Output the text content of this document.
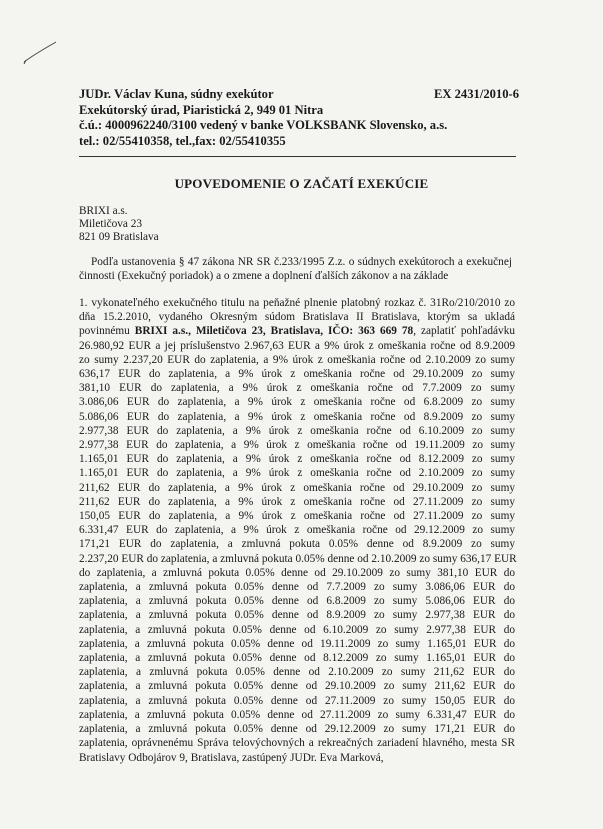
JUDr. Václav Kuna, súdny exekútor	EX 2431/2010-6
Exekútorský úrad, Piaristická 2, 949 01 Nitra
č.ú.: 4000962240/3100 vedený v banke VOLKSBANK Slovensko, a.s.
tel.: 02/55410358, tel.,fax: 02/55410355
UPOVEDOMENIE O ZAČATÍ EXEKÚCIE
BRIXI a.s.
Miletičova 23
821 09 Bratislava
Podľa ustanovenia § 47 zákona NR SR č.233/1995 Z.z. o súdnych exekútoroch a exekučnej
činnosti (Exekučný poriadok) a o zmene a doplnení ďalších zákonov a na základe
1. vykonateľného exekučného titulu na peňažné plnenie platobný rozkaz č. 31Ro/210/2010 zo
dňa 15.2.2010, vydaného Okresným súdom Bratislava II Bratislava, ktorým sa ukladá
povinnému BRIXI a.s., Miletičova 23, Bratislava, IČO: 363 669 78, zaplatiť pohľadávku
26.980,92 EUR a jej príslušenstvo 2.967,63 EUR a 9% úrok z omeškania ročne od 8.9.2009
zo sumy 2.237,20 EUR do zaplatenia, a 9% úrok z omeškania ročne od 2.10.2009 zo sumy
636,17 EUR do zaplatenia, a 9% úrok z omeškania ročne od 29.10.2009 zo sumy
381,10 EUR do zaplatenia, a 9% úrok z omeškania ročne od 7.7.2009 zo sumy
3.086,06 EUR do zaplatenia, a 9% úrok z omeškania ročne od 6.8.2009 zo sumy
5.086,06 EUR do zaplatenia, a 9% úrok z omeškania ročne od 8.9.2009 zo sumy
2.977,38 EUR do zaplatenia, a 9% úrok z omeškania ročne od 6.10.2009 zo sumy
2.977,38 EUR do zaplatenia, a 9% úrok z omeškania ročne od 19.11.2009 zo sumy
1.165,01 EUR do zaplatenia, a 9% úrok z omeškania ročne od 8.12.2009 zo sumy
1.165,01 EUR do zaplatenia, a 9% úrok z omeškania ročne od 2.10.2009 zo sumy
211,62 EUR do zaplatenia, a 9% úrok z omeškania ročne od 29.10.2009 zo sumy
211,62 EUR do zaplatenia, a 9% úrok z omeškania ročne od 27.11.2009 zo sumy
150,05 EUR do zaplatenia, a 9% úrok z omeškania ročne od 27.11.2009 zo sumy
6.331,47 EUR do zaplatenia, a 9% úrok z omeškania ročne od 29.12.2009 zo sumy
171,21 EUR do zaplatenia, a zmluvná pokuta 0.05% denne od 8.9.2009 zo sumy
2.237,20 EUR do zaplatenia, a zmluvná pokuta 0.05% denne od 2.10.2009 zo sumy 636,17 EUR
do zaplatenia, a zmluvná pokuta 0.05% denne od 29.10.2009 zo sumy 381,10 EUR do
zaplatenia, a zmluvná pokuta 0.05% denne od 7.7.2009 zo sumy 3.086,06 EUR do
zaplatenia, a zmluvná pokuta 0.05% denne od 6.8.2009 zo sumy 5.086,06 EUR do
zaplatenia, a zmluvná pokuta 0.05% denne od 8.9.2009 zo sumy 2.977,38 EUR do
zaplatenia, a zmluvná pokuta 0.05% denne od 6.10.2009 zo sumy 2.977,38 EUR do
zaplatenia, a zmluvná pokuta 0.05% denne od 19.11.2009 zo sumy 1.165,01 EUR do
zaplatenia, a zmluvná pokuta 0.05% denne od 8.12.2009 zo sumy 1.165,01 EUR do
zaplatenia, a zmluvná pokuta 0.05% denne od 2.10.2009 zo sumy 211,62 EUR do
zaplatenia, a zmluvná pokuta 0.05% denne od 29.10.2009 zo sumy 211,62 EUR do
zaplatenia, a zmluvná pokuta 0.05% denne od 27.11.2009 zo sumy 150,05 EUR do
zaplatenia, a zmluvná pokuta 0.05% denne od 27.11.2009 zo sumy 6.331,47 EUR do
zaplatenia, a zmluvná pokuta 0.05% denne od 29.12.2009 zo sumy 171,21 EUR do
zaplatenia, oprávnenému Správa telovýchovných a rekreačných zariadení hlavného, mesta SR
Bratislavy Odbojárov 9, Bratislava, zastúpený JUDr. Eva Marková,
